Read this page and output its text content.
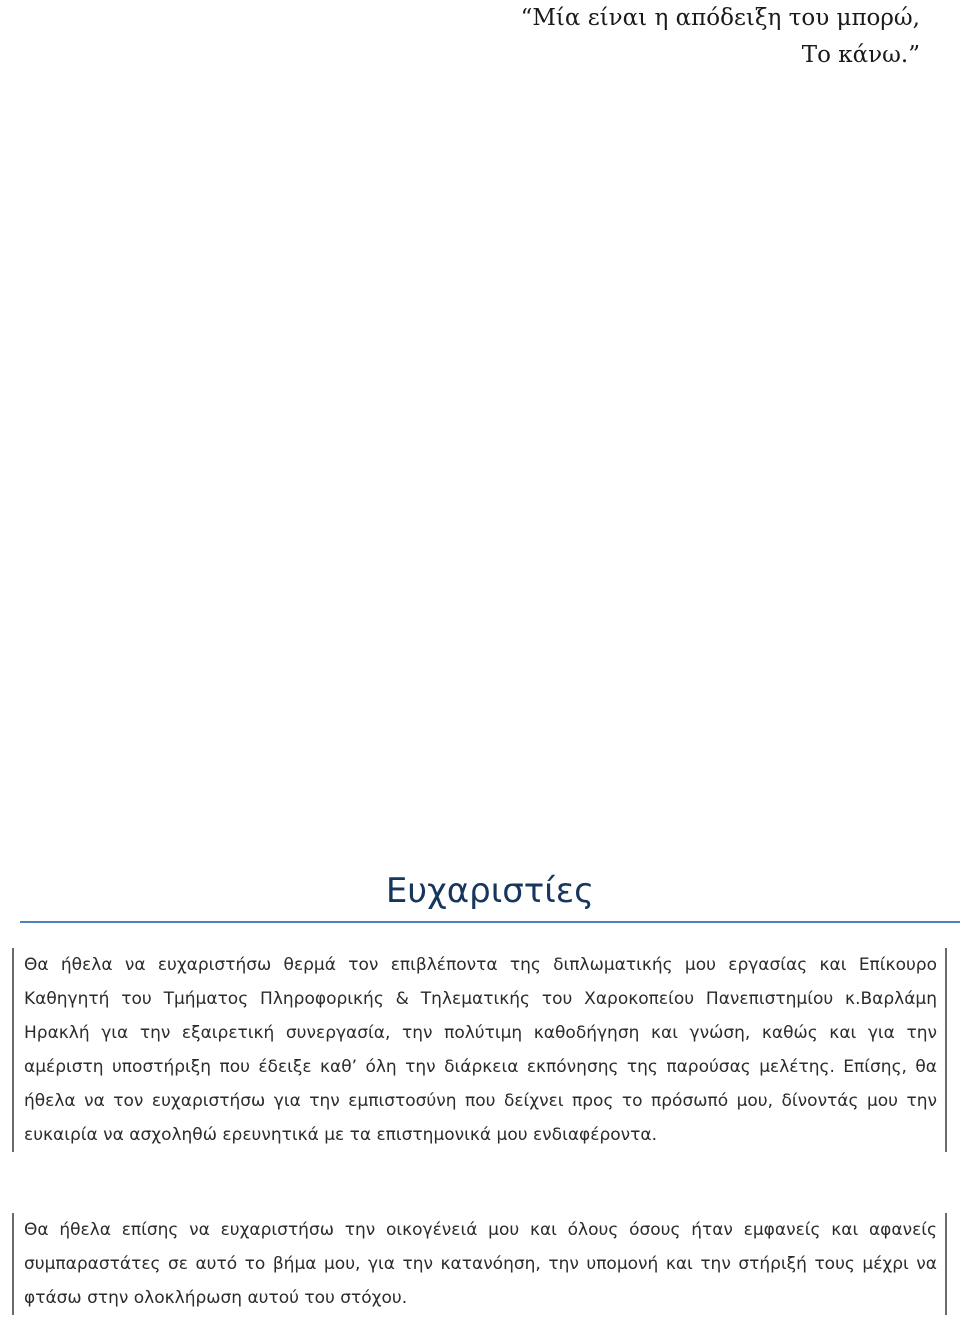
“Μία είναι η απόδειξη του μπορώ,
Το κάνω.”
Ευχαριστίες

Θα ήθελα να ευχαριστήσω θερμά τον επιβλέποντα της διπλωματικής μου εργασίας και Επίκουρο Καθηγητή του Τμήματος Πληροφορικής & Τηλεματικής του Χαροκοπείου Πανεπιστημίου κ.Βαρλάμη Ηρακλή για την εξαιρετική συνεργασία, την πολύτιμη καθοδήγηση και γνώση, καθώς και για την αμέριστη υποστήριξη που έδειξε καθ’ όλη την διάρκεια εκπόνησης της παρούσας μελέτης. Επίσης, θα ήθελα να τον ευχαριστήσω για την εμπιστοσύνη που δείχνει προς το πρόσωπό μου, δίνοντάς μου την ευκαιρία να ασχοληθώ ερευνητικά με τα επιστημονικά μου ενδιαφέροντα.

Θα ήθελα επίσης να ευχαριστήσω την οικογένειά μου και όλους όσους ήταν εμφανείς και αφανείς συμπαραστάτες σε αυτό το βήμα μου, για την κατανόηση, την υπομονή και την στήριξή τους μέχρι να φτάσω στην ολοκλήρωση αυτού του στόχου.
